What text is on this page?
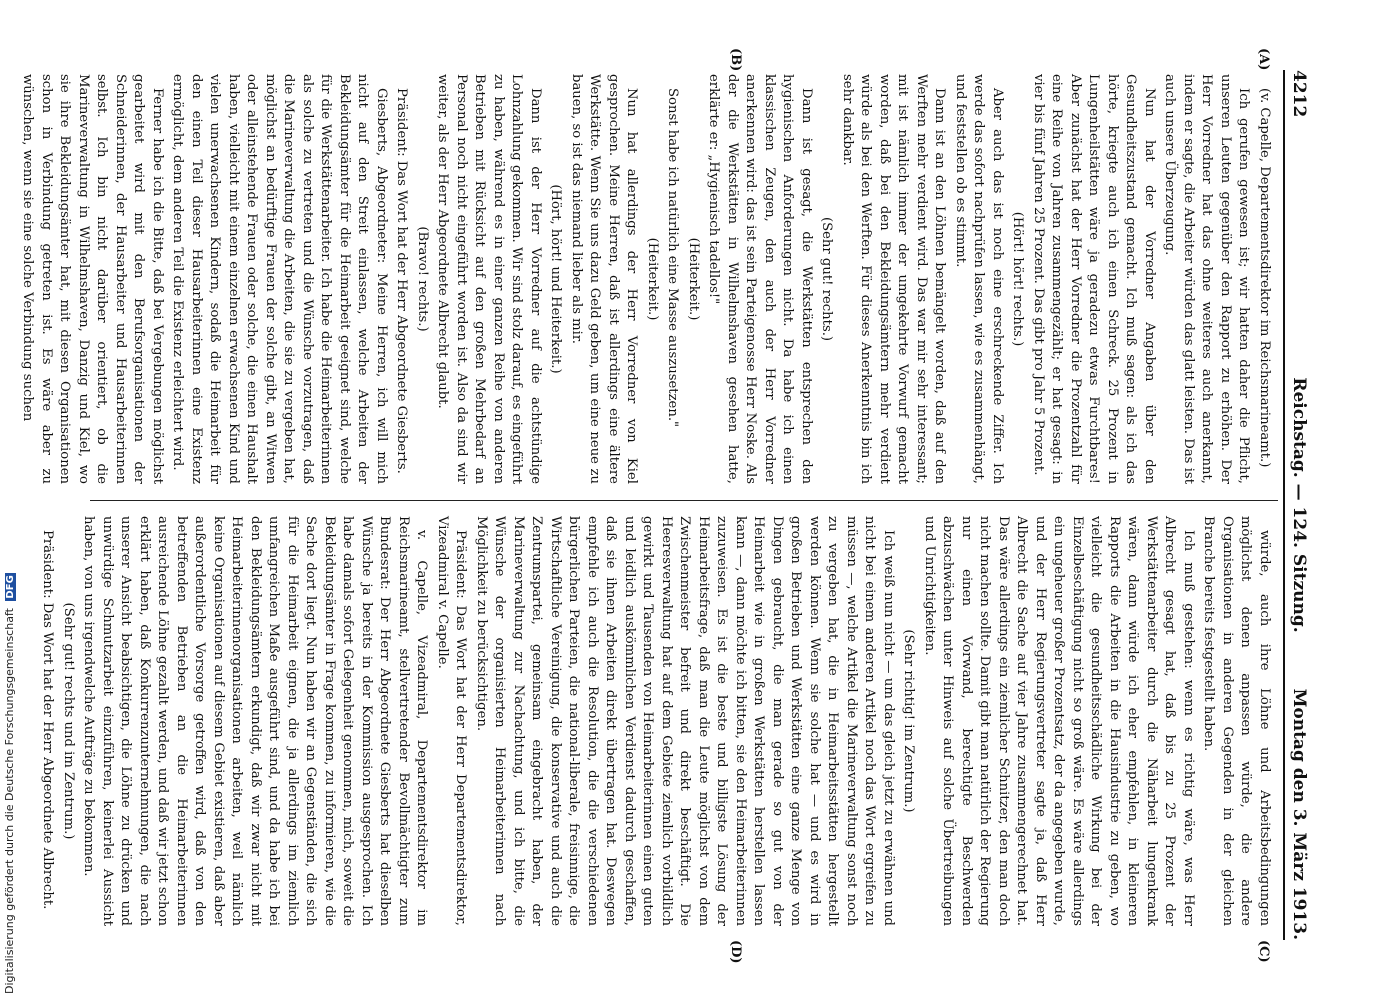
4212
Reichstag. — 124. Sitzung.
Montag den 3. März 1913.
(A)
(B)
(C)
(D)

(v. Capelle, Departementsdirektor im Reichsmarineamt.)

Ich gerufen gewesen ist; wir hatten daher die Pflicht, unseren Leuten gegenüber den Rapport zu erhöhen. Der Herr Vorredner hat das ohne weiteres auch anerkannt, indem er sagte, die Arbeiter würden das glatt leisten. Das ist auch unsere Überzeugung.

Nun hat der Vorredner Angaben über den Gesundheitszustand gemacht. Ich muß sagen: als ich das hörte, kriegte auch ich einen Schreck. 25 Prozent in Lungenheilstätten wäre ja geradezu etwas Furchtbares! Aber zunächst hat der Herr Vorredner die Prozentzahl für eine Reihe von Jahren zusammengezählt; er hat gesagt: in vier bis fünf Jahren 25 Prozent. Das gibt pro Jahr 5 Prozent.

(Hört! hört! rechts.)

Aber auch das ist noch eine erschreckende Ziffer. Ich werde das sofort nachprüfen lassen, wie es zusammenhängt, und feststellen ob es stimmt.

Dann ist an den Löhnen bemängelt worden, daß auf den Werften mehr verdient wird. Das war mir sehr interessant; mit ist nämlich immer der umgekehrte Vorwurf gemacht worden, daß bei den Bekleidungsämtern mehr verdient würde als bei den Werften. Für dieses Anerkenntnis bin ich sehr dankbar.

(Sehr gut! rechts.)

Dann ist gesagt, die Werkstätten entsprechen den hygienischen Anforderungen nicht. Da habe ich einen klassischen Zeugen, den auch der Herr Vorredner anerkennen wird: das ist sein Parteigenosse Herr Noske. Als der die Werkstätten in Wilhelmshaven gesehen hatte, erklärte er: „Hygienisch tadellos!"

(Heiterkeit.)

Sonst habe ich natürlich eine Masse auszusetzen."

(Heiterkeit.)

Nun hat allerdings der Herr Vorredner von Kiel gesprochen. Meine Herren, daß ist allerdings eine ältere Werkstätte. Wenn Sie uns dazu Geld geben, um eine neue zu bauen, so ist das niemand lieber als mir.

(Hört, hört! und Heiterkeit.)

Dann ist der Herr Vorredner auf die achtstündige Lohnzahlung gekommen. Wir sind stolz darauf, es eingeführt zu haben, während es in einer ganzen Reihe von anderen Betrieben mit Rücksicht auf den großen Mehrbedarf an Personal noch nicht eingeführt worden ist. Also da sind wir weiter, als der Herr Abgeordnete Albrecht glaubt.

(Bravo! rechts.)

Präsident: Das Wort hat der Herr Abgeordnete Giesberts.

Giesberts, Abgeordneter: Meine Herren, ich will mich nicht auf den Streit einlassen, welche Arbeiten der Bekleidungsämter für die Heimarbeit geeignet sind, welche für die Werkstättenarbeiter. Ich habe die Heimarbeiterinnen als solche zu vertreten und die Wünsche vorzutragen, daß die Marineverwaltung die Arbeiten, die sie zu vergeben hat, möglichst an bedürftige Frauen der solche gibt, an Witwen oder alleinstehende Frauen oder solche, die einen Haushalt haben, vielleicht mit einem einzelnen erwachsenen Kind und vielen unerwachsenen Kindern, sodaß die Heimarbeit für den einen Teil dieser Hausarbeiterinnen eine Existenz ermöglicht, dem anderen Teil die Existenz erleichtert wird.

Ferner habe ich die Bitte, daß bei Vergebungen möglichst gearbeitet wird mit den Berufsorganisationen der Schneiderinnen, der Hausarbeiter und Hausarbeiterinnen selbst. Ich bin nicht darüber orientiert, ob die Marineverwaltung in Wilhelmshaven, Danzig und Kiel, wo sie ihre Bekleidungsämter hat, mit diesen Organisationen schon in Verbindung getreten ist. Es wäre aber zu wünschen, wenn sie eine solche Verbindung suchen

würde, auch ihre Löhne und Arbeitsbedingungen möglichst denen anpassen würde, die andere Organisationen in anderen Gegenden in der gleichen Branche bereits festgestellt haben.

Ich muß gestehen: wenn es richtig wäre, was Herr Albrecht gesagt hat, daß bis zu 25 Prozent der Werkstättenarbeiter durch die Näharbeit lungenkrank wären, dann würde ich eher empfehlen, in kleineren Rapports die Arbeiten in die Hausindustrie zu geben, wo vielleicht die gesundheitsschädliche Wirkung bei der Einzelbeschäftigung nicht so groß wäre. Es wäre allerdings ein ungeheuer großer Prozentsatz, der da angegeben wurde, und der Herr Regierungsvertreter sagte ja, daß Herr Albrecht die Sache auf vier Jahre zusammengerechnet hat. Das wäre allerdings ein ziemlicher Schnitzer, den man doch nicht machen sollte. Damit gibt man natürlich der Regierung nur einen Vorwand, berechtigte Beschwerden abzuschwächen unter Hinweis auf solche Übertreibungen und Unrichtigkeiten.

(Sehr richtig! im Zentrum.)

Ich weiß nun nicht — um das gleich jetzt zu erwähnen und nicht bei einem anderen Artikel noch das Wort ergreifen zu müssen —, welche Artikel die Marineverwaltung sonst noch zu vergeben hat, die in Heimarbeitsstätten hergestellt werden können. Wenn sie solche hat — und es wird in großen Betrieben und Werkstätten eine ganze Menge von Dingen gebraucht, die man gerade so gut von der Heimarbeit wie in großen Werkstätten herstellen lassen kann —, dann möchte ich bitten, sie den Heimarbeiterinnen zuzuweisen. Es ist die beste und billigste Lösung der Heimarbeitsfrage, daß man die Leute möglichst von dem Zwischenmeister befreit und direkt beschäftigt. Die Heeresverwaltung hat auf dem Gebiete ziemlich vorbildlich gewirkt und Tausenden von Heimarbeiterinnen einen guten und leidlich auskömmlichen Verdienst dadurch geschaffen, daß sie ihnen Arbeiten direkt übertragen hat. Deswegen empfehle ich auch die Resolution, die die verschiedenen bürgerlichen Parteien, die national-liberale, freisinnige, die Wirtschaftliche Vereinigung, die konservative und auch die Zentrumspartei, gemeinsam eingebracht haben, der Marineverwaltung zur Nachachtung, und ich bitte, die Wünsche der organisierten Heimarbeiterinnen nach Möglichkeit zu berücksichtigen.

Präsident: Das Wort hat der Herr Departementsdirektor, Vizeadmiral v. Capelle.

v. Capelle, Vizeadmiral, Departementsdirektor im Reichsmarineamt, stellvertretender Bevollmächtigter zum Bundesrat: Der Herr Abgeordnete Giesberts hat dieselben Wünsche ja bereits in der Kommission ausgesprochen. Ich habe damals sofort Gelegenheit genommen, mich, soweit die Bekleidungsämter in Frage kommen, zu informieren, wie die Sache dort liegt. Nun haben wir an Gegenständen, die sich für die Heimarbeit eignen, die ja allerdings im ziemlich umfangreichen Maße ausgeführt sind, und da habe ich bei den Bekleidungsämtern erkundigt, daß wir zwar nicht mit Heimarbeiterinnenorganisationen arbeiten, weil nämlich keine Organisationen auf diesem Gebiet existieren, daß aber außerordentliche Vorsorge getroffen wird, daß von den betreffenden Betrieben an die Heimarbeiterinnen ausreichende Löhne gezahlt werden, und daß wir jetzt schon erklärt haben, daß Konkurrenzunternehmungen, die nach unserer Ansicht beabsichtigen, die Löhne zu drücken und unwürdige Schmutzarbeit einzuführen, keinerlei Aussicht haben, von uns irgendwelche Aufträge zu bekommen.

(Sehr gut! rechts und im Zentrum.)

Präsident: Das Wort hat der Herr Abgeordnete Albrecht.

Digitalisierung gefördert durch die Deutsche Forschungsgemeinschaft DFG
